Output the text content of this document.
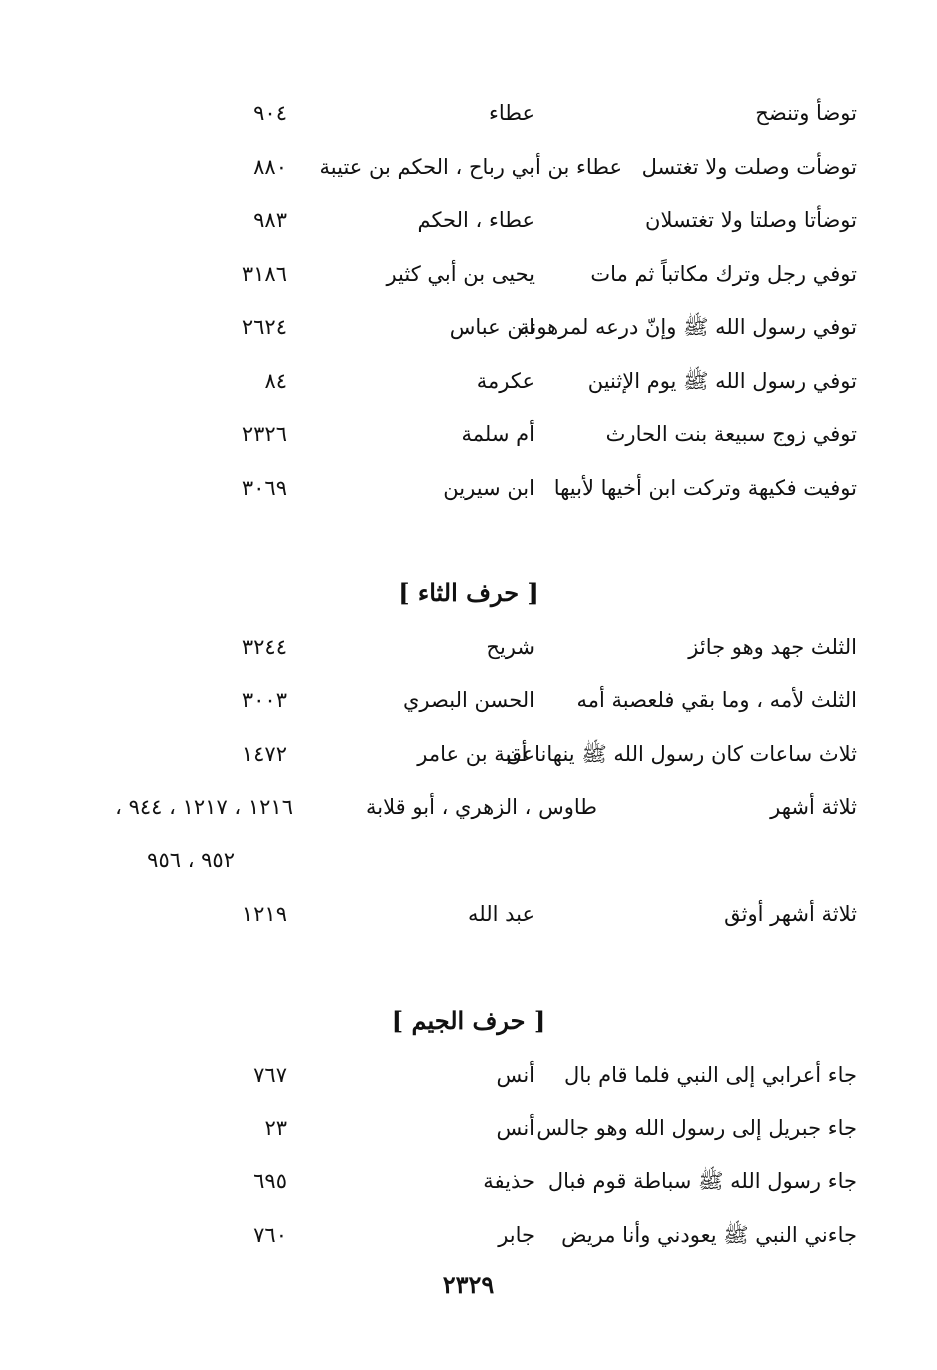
توضأ وتنضح
عطاء
٩٠٤
توضأت وصلت ولا تغتسل
عطاء بن أبي رباح ، الحكم بن عتيبة
٨٨٠
توضأتا وصلتا ولا تغتسلان
عطاء ، الحكم
٩٨٣
توفي رجل وترك مكاتباً ثم مات
يحيى بن أبي كثير
٣١٨٦
توفي رسول الله ﷺ وإنّ درعه لمرهونة
ابن عباس
٢٦٢٤
توفي رسول الله ﷺ يوم الإثنين
عكرمة
٨٤
توفي زوج سبيعة بنت الحارث
أم سلمة
٢٣٢٦
توفيت فكيهة وتركت ابن أخيها لأبيها
ابن سيرين
٣٠٦٩
[ حرف الثاء ]
الثلث جهد وهو جائز
شريح
٣٢٤٤
الثلث لأمه ، وما بقي فلعصبة أمه
الحسن البصري
٣٠٠٣
ثلاث ساعات كان رسول الله ﷺ ينهانا أن
عقبة بن عامر
١٤٧٢
ثلاثة أشهر
طاوس ، الزهري ، أبو قلابة
١٢١٦ ، ١٢١٧ ، ٩٤٤ ،
٩٥٢ ، ٩٥٦
ثلاثة أشهر أوثق
عبد الله
١٢١٩
[ حرف الجيم ]
جاء أعرابي إلى النبي فلما قام بال
أنس
٧٦٧
جاء جبريل إلى رسول الله وهو جالس
أنس
٢٣
جاء رسول الله ﷺ سباطة قوم فبال
حذيفة
٦٩٥
جاءني النبي ﷺ يعودني وأنا مريض
جابر
٧٦٠
٢٣٢٩
